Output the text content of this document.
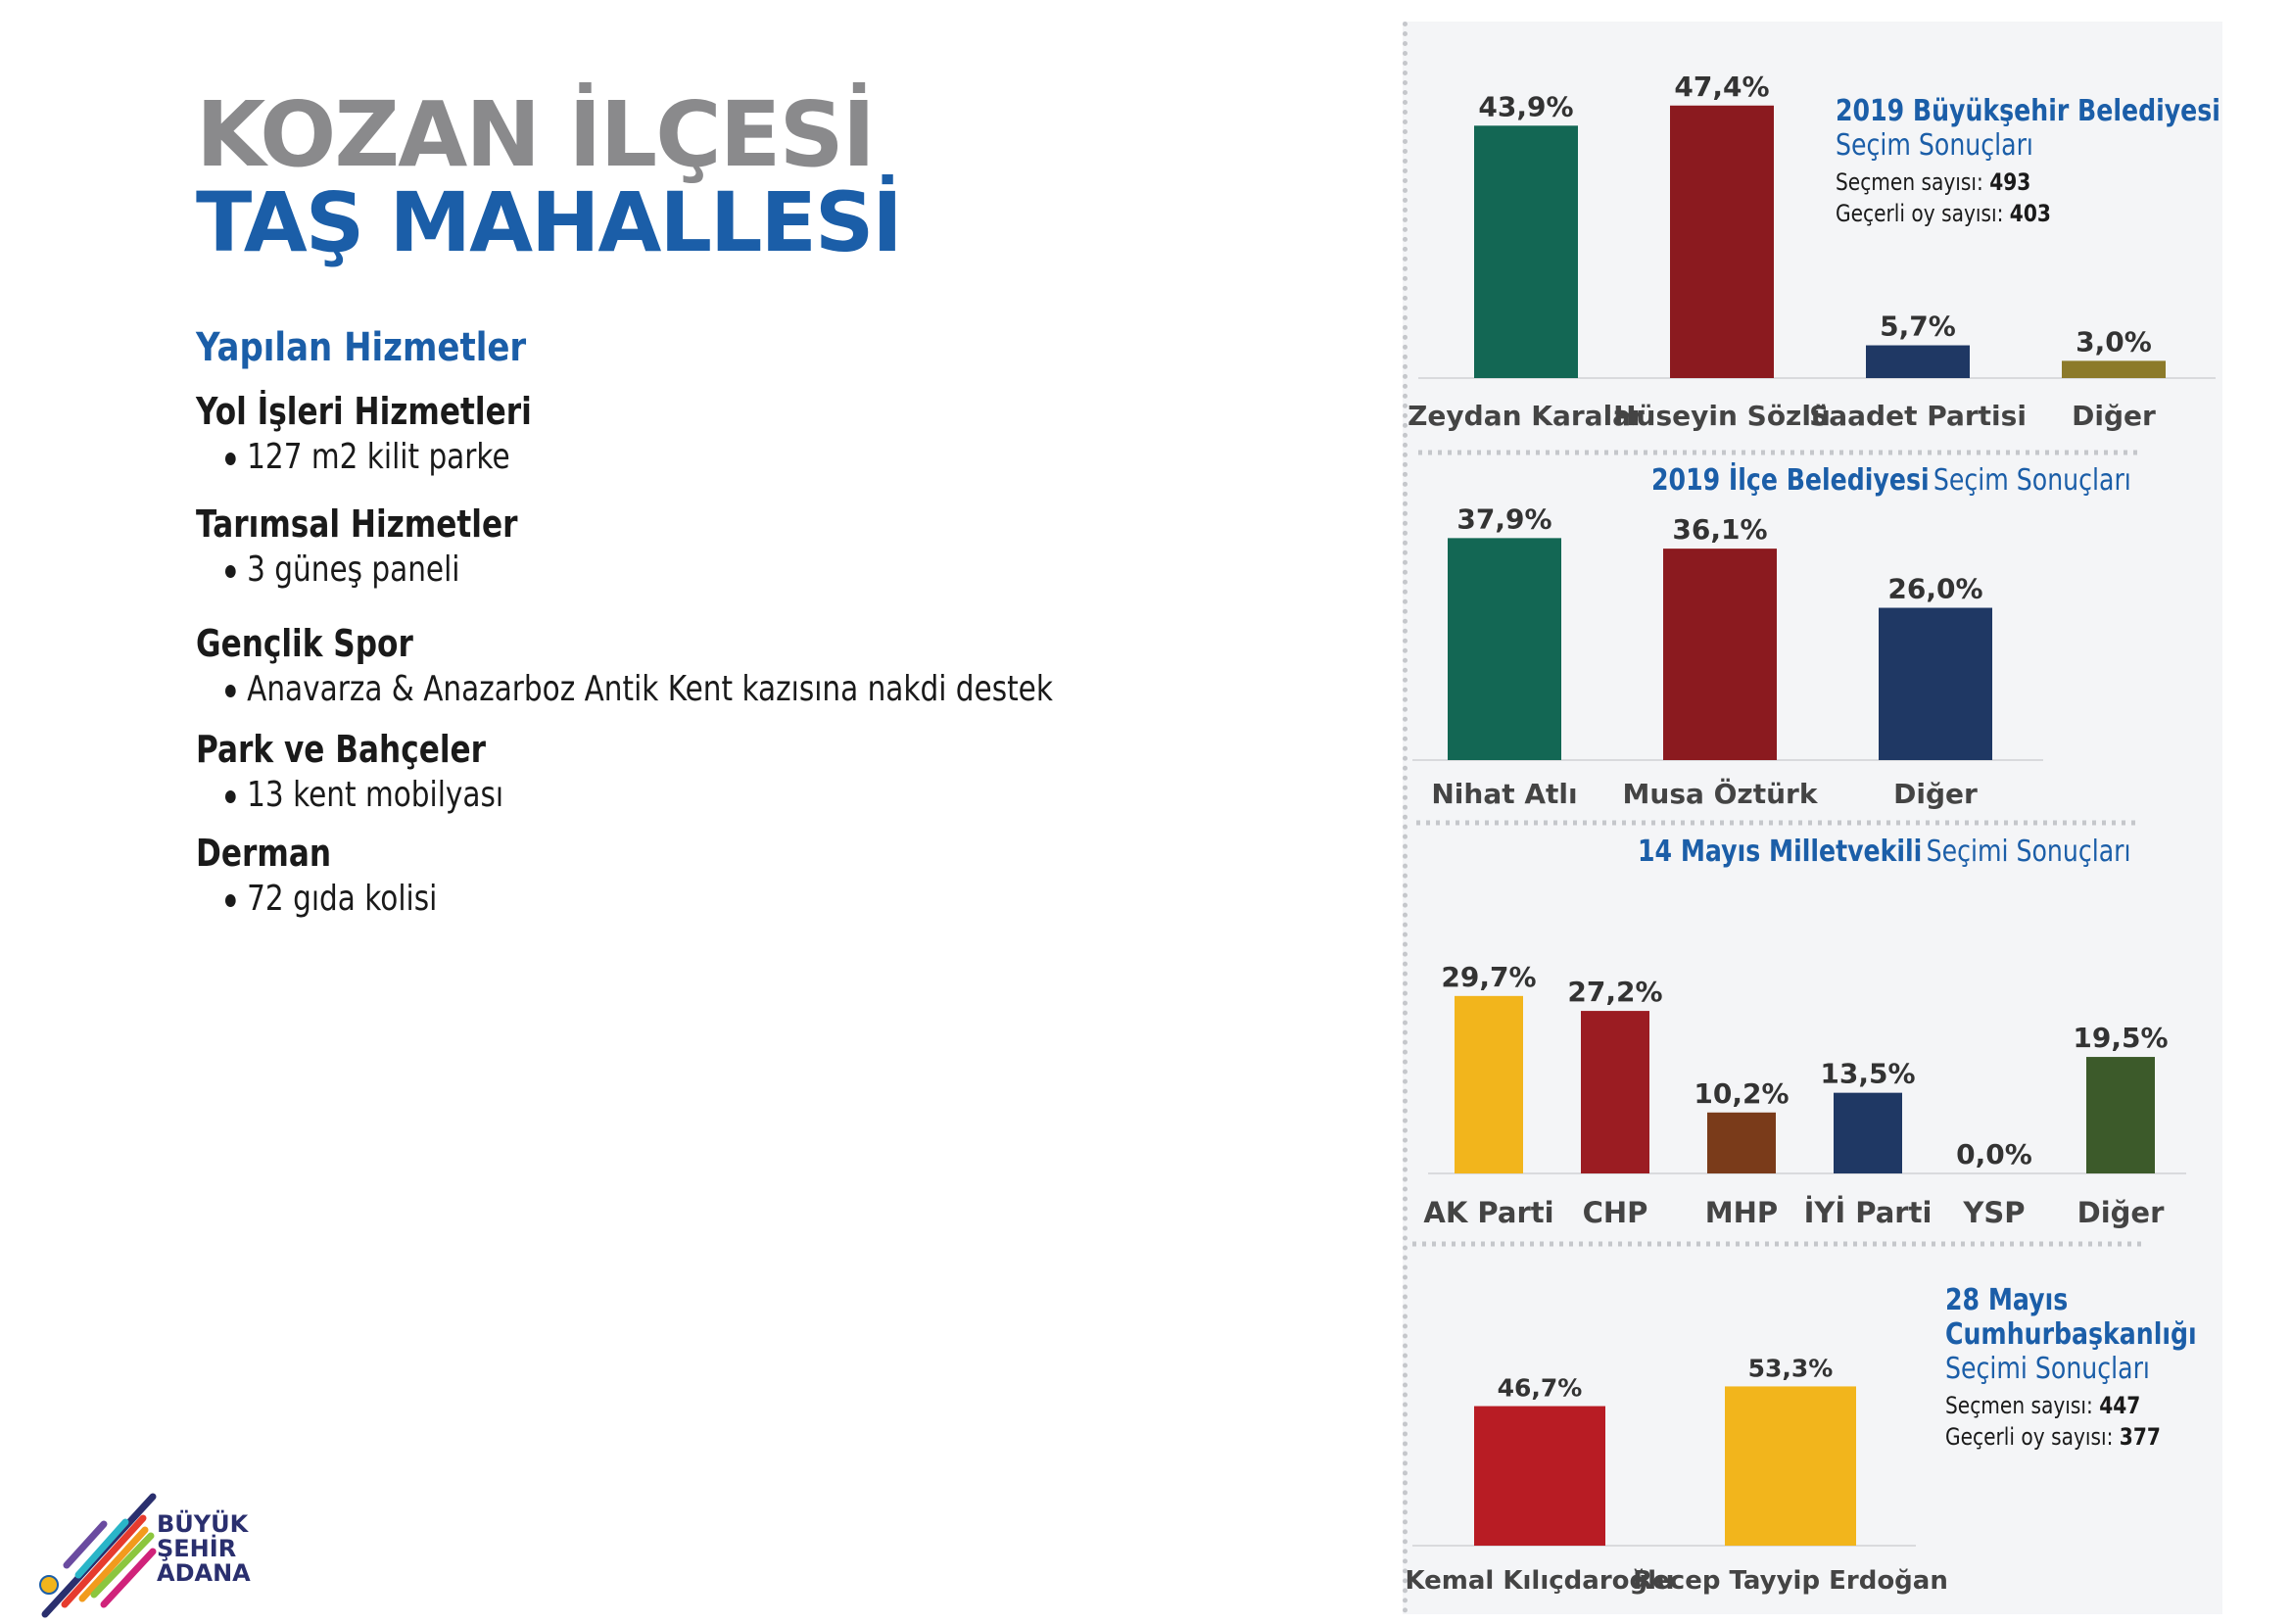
KOZAN İLÇESİ
TAŞ MAHALLESİ
Yapılan Hizmetler
Yol İşleri Hizmetleri
127 m2 kilit parke
Tarımsal Hizmetler
3 güneş paneli
Gençlik Spor
Anavarza & Anazarboz Antik Kent kazısına nakdi destek
Park ve Bahçeler
13 kent mobilyası
Derman
72 gıda kolisi
BÜYÜK
ŞEHİR
ADANA
43,9%
Zeydan Karalar
47,4%
Hüseyin Sözlü
5,7%
Saadet Partisi
3,0%
Diğer
37,9%
Nihat Atlı
36,1%
Musa Öztürk
26,0%
Diğer
29,7%
AK Parti
27,2%
CHP
10,2%
MHP
13,5%
İYİ Parti
0,0%
YSP
19,5%
Diğer
46,7%
Kemal Kılıçdaroğlu
53,3%
Recep Tayyip Erdoğan
2019 Büyükşehir Belediyesi
Seçim Sonuçları
Seçmen sayısı: 493
Geçerli oy sayısı: 403
2019 İlçe Belediyesi Seçim Sonuçları
14 Mayıs Milletvekili Seçimi Sonuçları
28 Mayıs
Cumhurbaşkanlığı
Seçimi Sonuçları
Seçmen sayısı: 447
Geçerli oy sayısı: 377
